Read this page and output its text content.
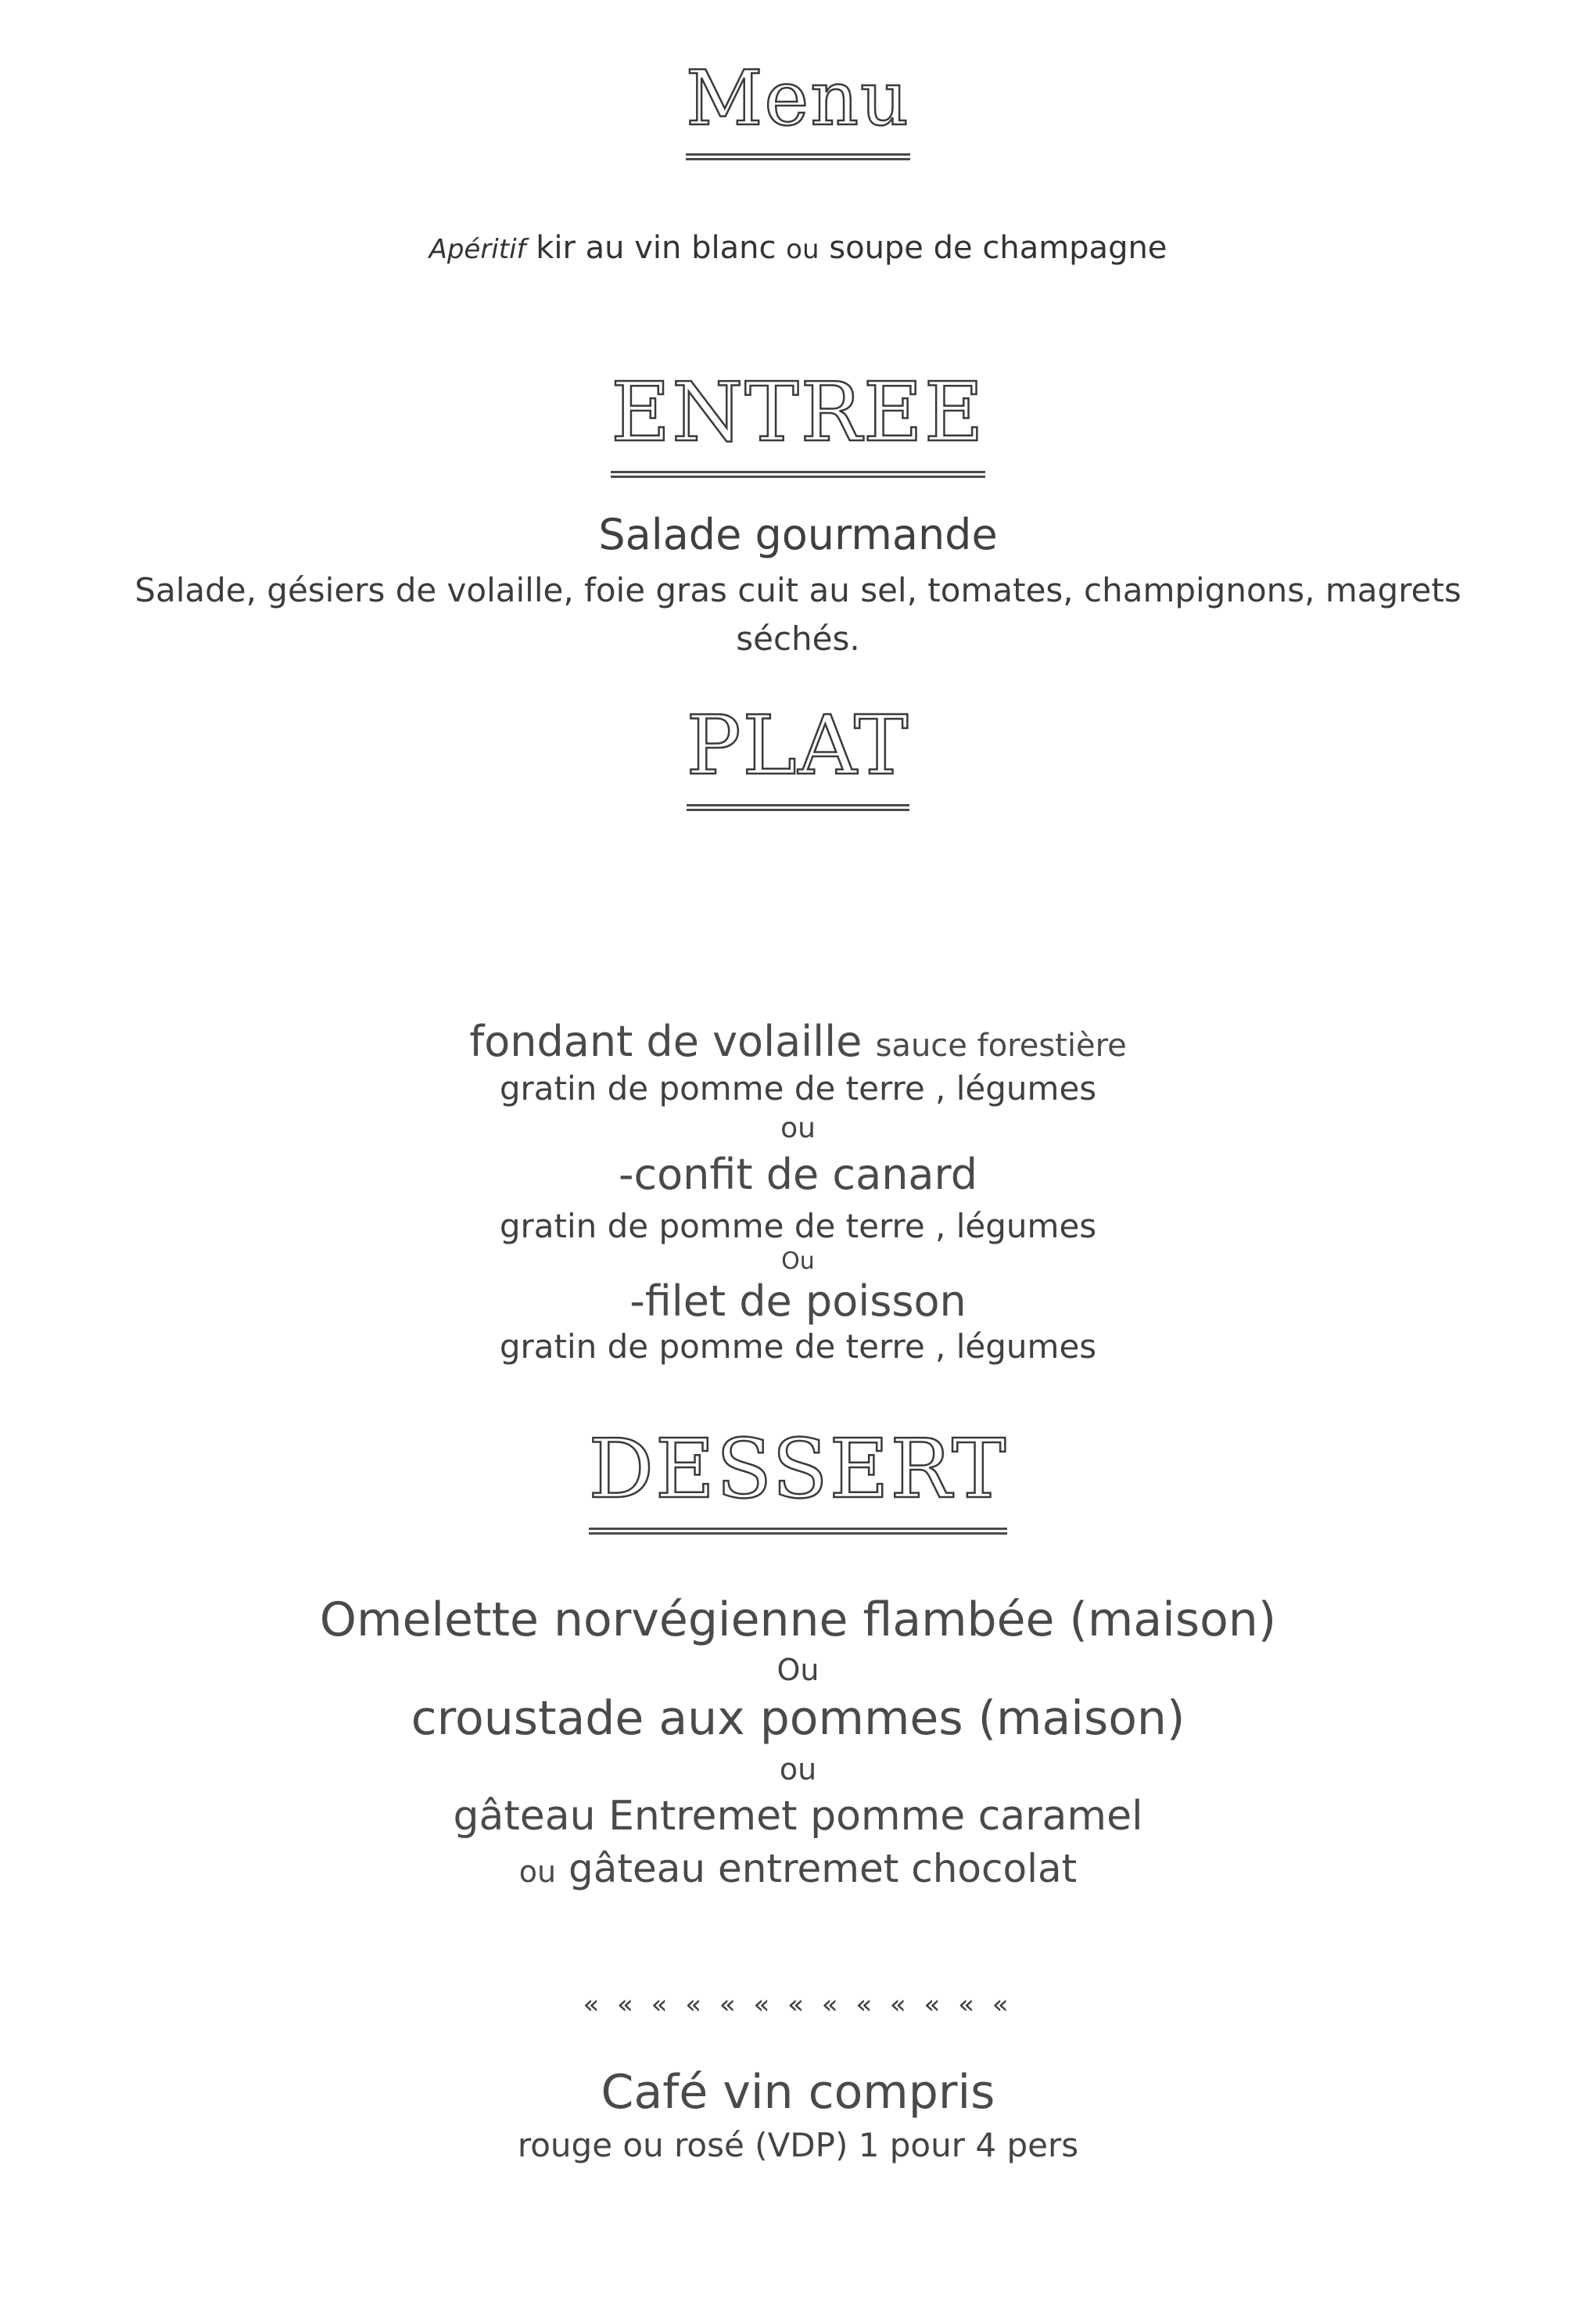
Menu
Apéritif kir au vin blanc ou soupe de champagne
ENTREE
Salade gourmande
Salade, gésiers de volaille, foie gras cuit au sel, tomates, champignons, magrets séchés.
PLAT
fondant de volaille sauce forestière
gratin de pomme de terre , légumes
ou
-confit de canard
gratin de pomme de terre , légumes
Ou
-filet de poisson
gratin de pomme de terre , légumes
DESSERT
Omelette norvégienne flambée (maison)
Ou
croustade aux pommes (maison)
ou
gâteau Entremet pomme caramel
ou gâteau entremet chocolat
« « « « « « « « « « « « «
Café vin compris
rouge ou rosé (VDP) 1 pour 4 pers
